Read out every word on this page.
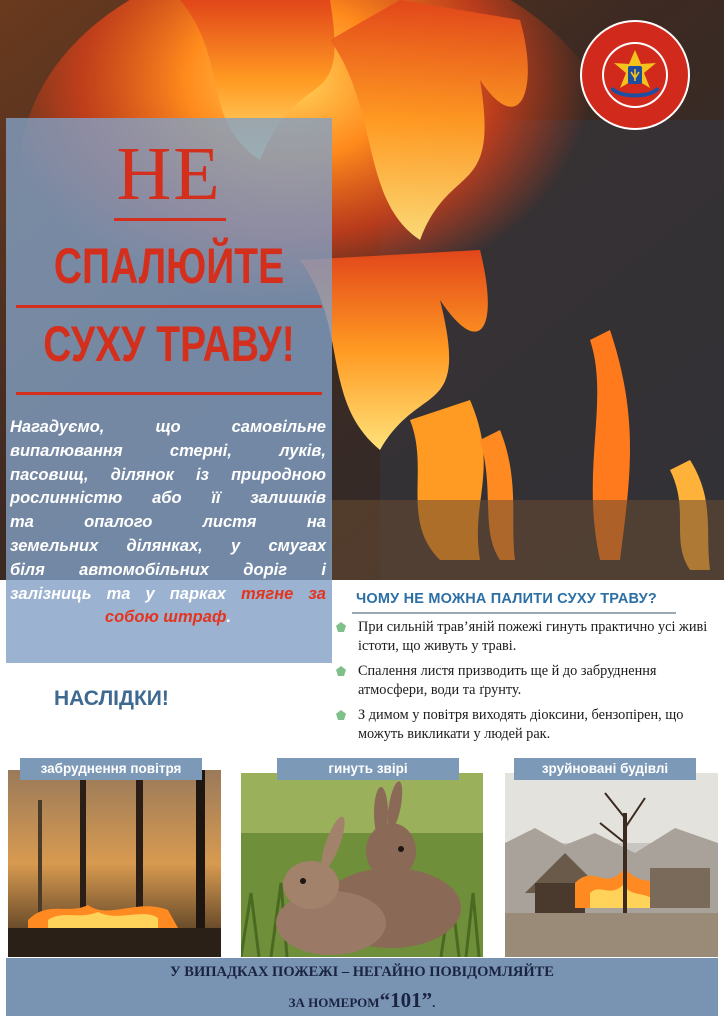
НЕ
СПАЛЮЙТЕ
СУХУ ТРАВУ!
Нагадуємо, що самовільне
випалювання стерні, луків,
пасовищ, ділянок із природною
рослинністю або її залишків
та опалого листя на
земельних ділянках, у смугах
біля автомобільних доріг і
залізниць та у парках тягне за
собою штраф.
ЧОМУ НЕ МОЖНА ПАЛИТИ СУХУ ТРАВУ?
При сильній трав’яній пожежі гинуть практично усі живі істоти, що живуть у траві.
Спалення листя призводить ще й до забруднення атмосфери, води та ґрунту.
З димом у повітря виходять діоксини, бензопірен, що можуть викликати у людей рак.
НАСЛІДКИ!
забруднення повітря	гинуть звірі	зруйновані будівлі
У ВИПАДКАХ ПОЖЕЖІ – НЕГАЙНО ПОВІДОМЛЯЙТЕ
ЗА НОМЕРОМ“101”.
